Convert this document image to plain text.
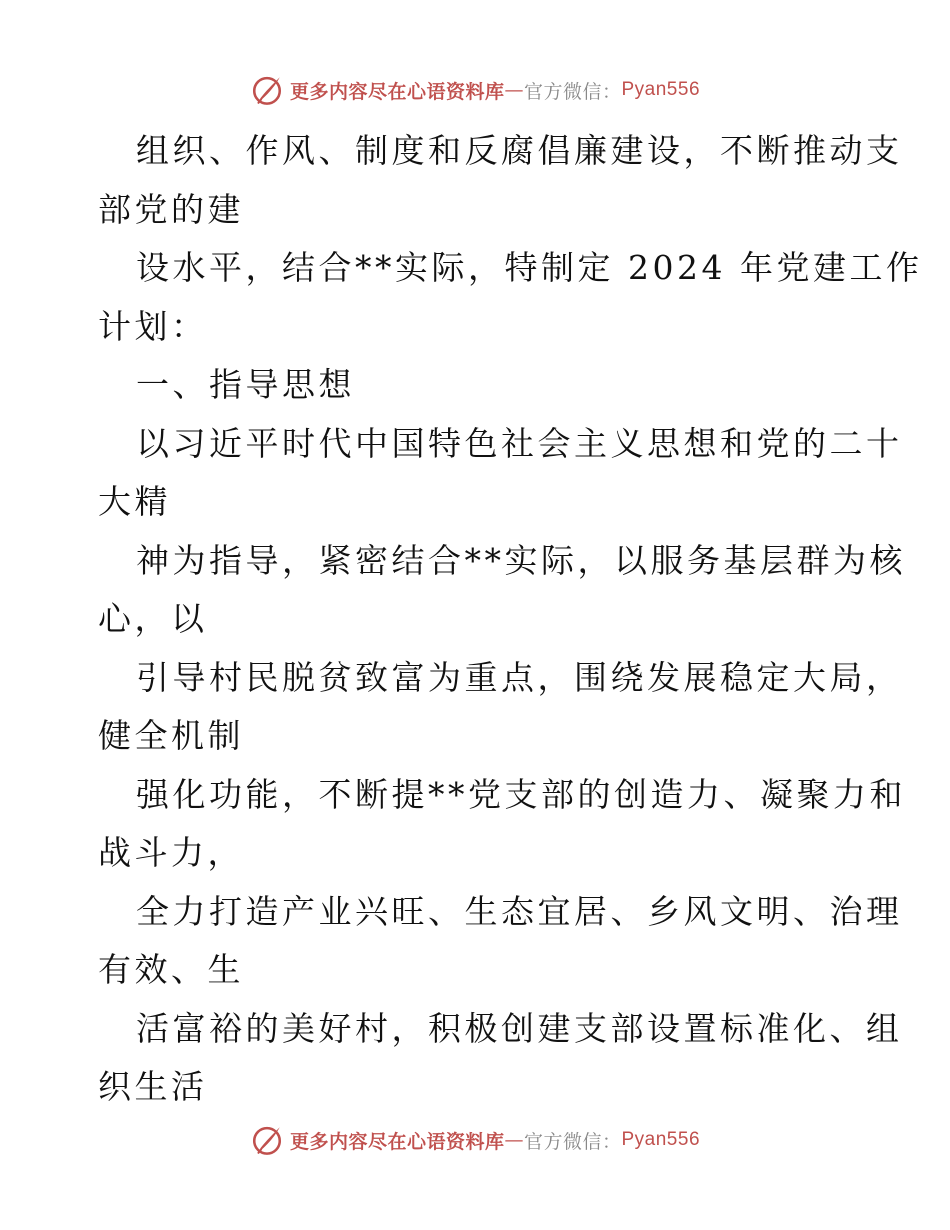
更多内容尽在心语资料库 — 官方微信： Pyan556
组织、作风、制度和反腐倡廉建设，不断推动支
部党的建
设水平，结合**实际，特制定 2024 年党建工作
计划：
一、指导思想
以习近平时代中国特色社会主义思想和党的二十
大精
神为指导，紧密结合**实际，以服务基层群为核
心，以
引导村民脱贫致富为重点，围绕发展稳定大局，
健全机制
强化功能，不断提**党支部的创造力、凝聚力和
战斗力，
全力打造产业兴旺、生态宜居、乡风文明、治理
有效、生
活富裕的美好村，积极创建支部设置标准化、组
织生活
更多内容尽在心语资料库 — 官方微信： Pyan556
